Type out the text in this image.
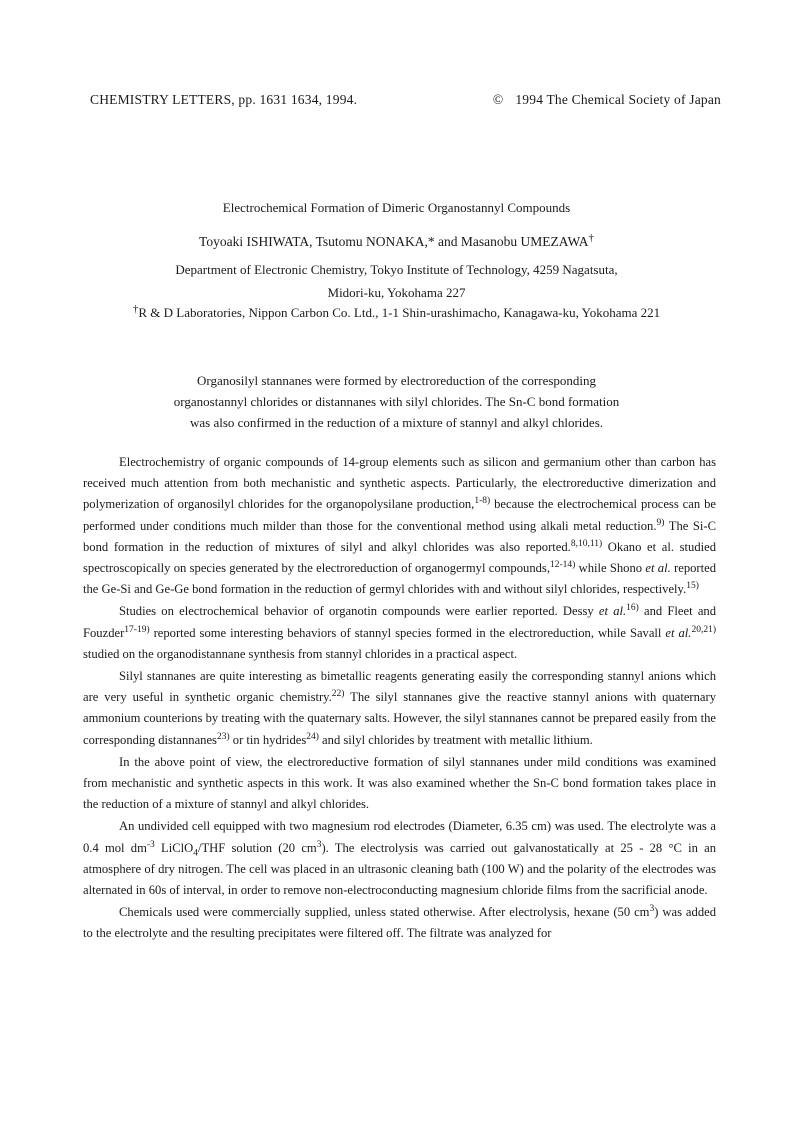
CHEMISTRY LETTERS, pp. 1631 1634, 1994.	© 1994 The Chemical Society of Japan
Electrochemical Formation of Dimeric Organostannyl Compounds
Toyoaki ISHIWATA, Tsutomu NONAKA,* and Masanobu UMEZAWA†
Department of Electronic Chemistry, Tokyo Institute of Technology, 4259 Nagatsuta,
Midori-ku, Yokohama 227
†R & D Laboratories, Nippon Carbon Co. Ltd., 1-1 Shin-urashimacho, Kanagawa-ku, Yokohama 221
Organosilyl stannanes were formed by electroreduction of the corresponding
organostannyl chlorides or distannanes with silyl chlorides. The Sn-C bond formation
was also confirmed in the reduction of a mixture of stannyl and alkyl chlorides.

Electrochemistry of organic compounds of 14-group elements such as silicon and germanium other than carbon has received much attention from both mechanistic and synthetic aspects. Particularly, the electroreductive dimerization and polymerization of organosilyl chlorides for the organopolysilane production,$^{1-8)}$ because the electrochemical process can be performed under conditions much milder than those for the conventional method using alkali metal reduction.$^{9)}$ The Si-C bond formation in the reduction of mixtures of silyl and alkyl chlorides was also reported.$^{8,10,11)}$ Okano et al. studied spectroscopically on species generated by the electroreduction of organogermyl compounds,$^{12-14)}$ while Shono et al. reported the Ge-Si and Ge-Ge bond formation in the reduction of germyl chlorides with and without silyl chlorides, respectively.$^{15)}$

Studies on electrochemical behavior of organotin compounds were earlier reported. Dessy et al.$^{16)}$ and Fleet and Fouzder$^{17-19)}$ reported some interesting behaviors of stannyl species formed in the electroreduction, while Savall et al.$^{20,21)}$ studied on the organodistannane synthesis from stannyl chlorides in a practical aspect.

Silyl stannanes are quite interesting as bimetallic reagents generating easily the corresponding stannyl anions which are very useful in synthetic organic chemistry.$^{22)}$ The silyl stannanes give the reactive stannyl anions with quaternary ammonium counterions by treating with the quaternary salts. However, the silyl stannanes cannot be prepared easily from the corresponding distannanes$^{23)}$ or tin hydrides$^{24)}$ and silyl chlorides by treatment with metallic lithium.

In the above point of view, the electroreductive formation of silyl stannanes under mild conditions was examined from mechanistic and synthetic aspects in this work. It was also examined whether the Sn-C bond formation takes place in the reduction of a mixture of stannyl and alkyl chlorides.

An undivided cell equipped with two magnesium rod electrodes (Diameter, 6.35 cm) was used. The electrolyte was a 0.4 mol $dm^{-3}$ LiClO$_4$/THF solution (20 $cm^3$). The electrolysis was carried out galvanostatically at 25 - 28 °C in an atmosphere of dry nitrogen. The cell was placed in an ultrasonic cleaning bath (100 W) and the polarity of the electrodes was alternated in 60s of interval, in order to remove non-electroconducting magnesium chloride films from the sacrificial anode.

Chemicals used were commercially supplied, unless stated otherwise. After electrolysis, hexane (50 $cm^3$) was added to the electrolyte and the resulting precipitates were filtered off. The filtrate was analyzed for
